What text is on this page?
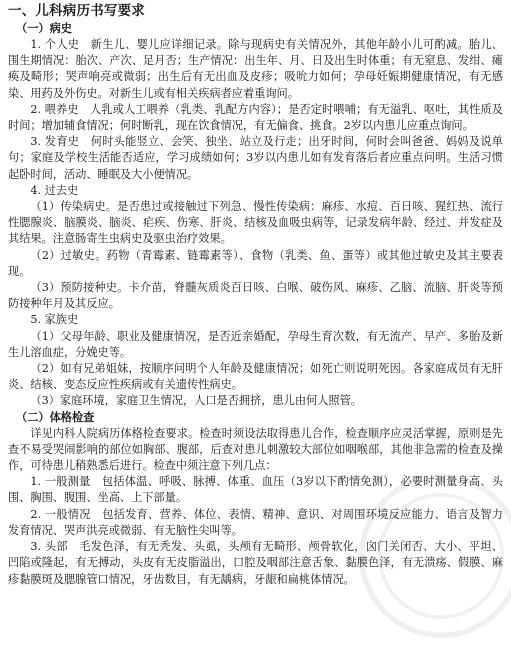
一、儿科病历书写要求
（一）病史
1. 个人史　新生儿、婴儿应详细记录。除与现病史有关情况外，其他年龄小儿可酌减。胎儿、围生期情况：胎次、产次、足月否；生产情况：出生年、月、日及出生时体重；有无窒息、发绀、瘫痪及畸形；哭声响亮或微弱；出生后有无出血及皮疹；吸吮力如何；孕母妊娠期健康情况，有无感染、用药及外伤史。对新生儿或有相关疾病者应着重询问。
2. 喂养史　人乳或人工喂养（乳类、乳配方内容）；是否定时喂哺；有无溢乳、呕吐，其性质及时间；增加辅食情况；何时断乳，现在饮食情况，有无偏食、挑食。2岁以内患儿应重点询问。
3. 发育史　何时头能竖立、会笑、独坐、站立及行走；出牙时间，何时会叫爸爸、妈妈及说单句；家庭及学校生活能否适应，学习成绩如何；3岁以内患儿如有发育落后者应重点问明。生活习惯起卧时间，活动、睡眠及大小便情况。
4. 过去史
（1）传染病史。是否患过或接触过下列急、慢性传染病：麻疹、水痘、百日咳、猩红热、流行性腮腺炎、脑膜炎、脑炎、疟疾、伤寒、肝炎、结核及血吸虫病等，记录发病年龄、经过、并发症及其结果。注意肠寄生虫病史及驱虫治疗效果。
（2）过敏史。药物（青霉素、链霉素等）、食物（乳类、鱼、蛋等）或其他过敏史及其主要表现。
（3）预防接种史。卡介苗，脊髓灰质炎百日咳、白喉、破伤风、麻疹、乙脑、流脑、肝炎等预防接种年月及其反应。
5. 家族史
（1）父母年龄、职业及健康情况，是否近亲婚配，孕母生育次数，有无流产、早产、多胎及新生儿溶血症，分娩史等。
（2）如有兄弟姐妹，按顺序问明个人年龄及健康情况；如死亡则说明死因。各家庭成员有无肝炎、结核、变态反应性疾病或有关遗传性病史。
（3）家庭环境，家庭卫生情况，人口是否拥挤，患儿由何人照管。
（二）体格检查
详见内科人院病历体格检查要求。检查时须设法取得患儿合作，检查顺序应灵活掌握，原则是先查不易受哭闹影响的部位如胸部、腹部，后查对患儿刺激较大部位如咽喉部，其他非急需的检查及操作，可待患儿稍熟悉后进行。检查中须注意下列几点：
1. 一般测量　包括体温、呼吸、脉搏、体重、血压（3岁以下酌情免测），必要时测量身高、头围、胸围、腹围、坐高、上下部量。
2. 一般情况　包括发育、营养、体位、表情、精神、意识、对周围环境反应能力、语言及智力发育情况、哭声洪亮或微弱、有无脑性尖叫等。
3. 头部　毛发色泽，有无秃发、头虱，头颅有无畸形、颅骨软化，囟门关闭否、大小、平坦、凹陷或隆起，有无搏动，头皮有无皮脂溢出，口腔及咽部注意舌象、黏膜色泽，有无溃疡、假膜、麻疹黏膜斑及腮腺管口情况，牙齿数目，有无龋病，牙龈和扁桃体情况。
